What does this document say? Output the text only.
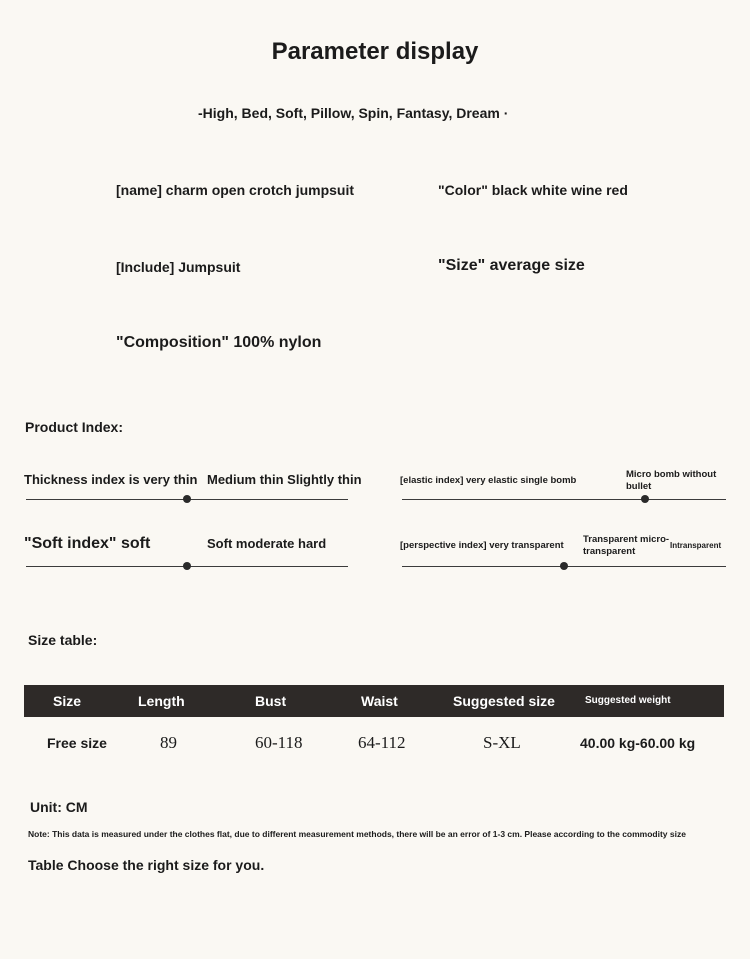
Parameter display
-High, Bed, Soft, Pillow, Spin, Fantasy, Dream ·
[name] charm open crotch jumpsuit	"Color" black white wine red
[Include] Jumpsuit	"Size" average size
"Composition" 100% nylon
Product Index:
Thickness index is very thin Medium thin Slightly thin	[elastic index] very elastic single bomb
Micro bomb without bullet
"Soft index" soft	Soft moderate hard	[perspective index] very transparent
Transparent micro-transparent
Intransparent
Size table:
Size	Length	Bust	Waist	Suggested size	Suggested weight
Free size	89	60-118	64-112	S-XL	40.00 kg-60.00 kg
Unit: CM
Note: This data is measured under the clothes flat, due to different measurement methods, there will be an error of 1-3 cm. Please according to the commodity size
Table Choose the right size for you.
